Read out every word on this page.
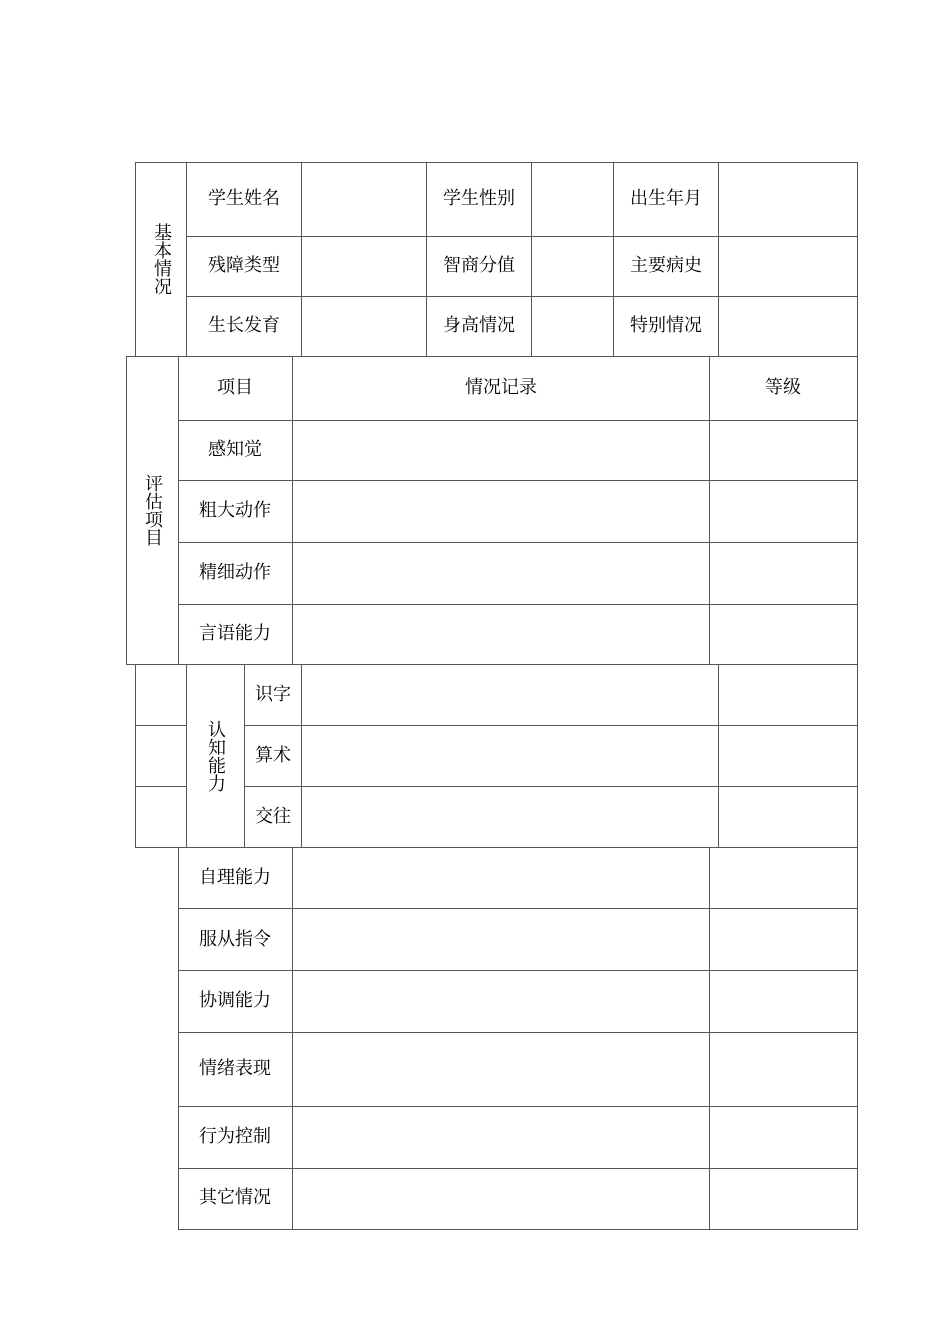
基本情况
学生姓名	学生性别	出生年月
残障类型	智商分值	主要病史
生长发育	身高情况	特别情况
评估项目
项目	情况记录	等级
感知觉
粗大动作
精细动作
言语能力
认知能力
识字
算术
交往
自理能力
服从指令
协调能力
情绪表现
行为控制
其它情况
